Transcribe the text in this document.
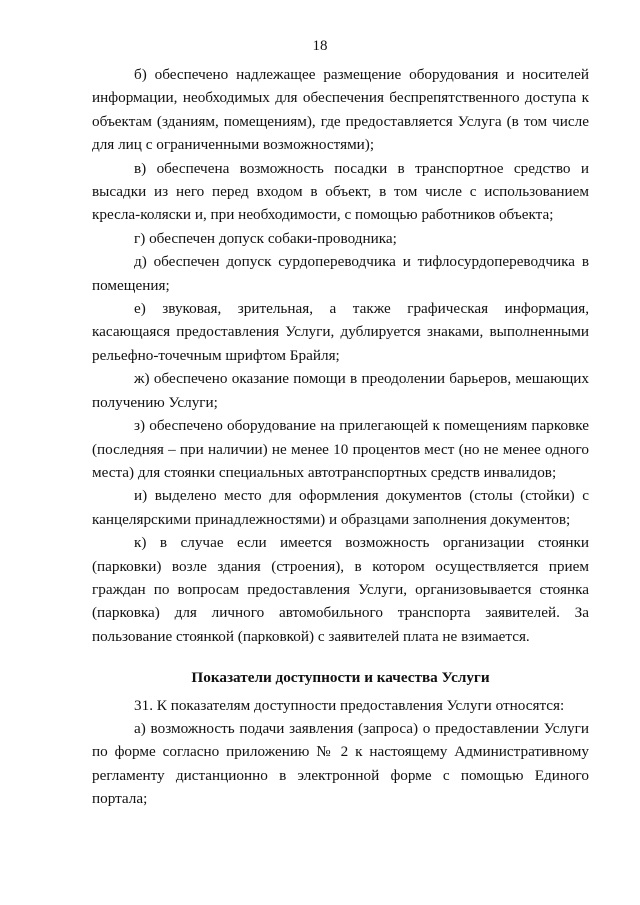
18

б) обеспечено надлежащее размещение оборудования и носителей информации, необходимых для обеспечения беспрепятственного доступа к объектам (зданиям, помещениям), где предоставляется Услуга (в том числе для лиц с ограниченными возможностями);

в) обеспечена возможность посадки в транспортное средство и высадки из него перед входом в объект, в том числе с использованием кресла-коляски и, при необходимости, с помощью работников объекта;

г) обеспечен допуск собаки-проводника;

д) обеспечен допуск сурдопереводчика и тифлосурдопереводчика в помещения;

е) звуковая, зрительная, а также графическая информация, касающаяся предоставления Услуги, дублируется знаками, выполненными рельефно-точечным шрифтом Брайля;

ж) обеспечено оказание помощи в преодолении барьеров, мешающих получению Услуги;

з) обеспечено оборудование на прилегающей к помещениям парковке (последняя – при наличии) не менее 10 процентов мест (но не менее одного места) для стоянки специальных автотранспортных средств инвалидов;

и) выделено место для оформления документов (столы (стойки) с канцелярскими принадлежностями) и образцами заполнения документов;

к) в случае если имеется возможность организации стоянки (парковки) возле здания (строения), в котором осуществляется прием граждан по вопросам предоставления Услуги, организовывается стоянка (парковка) для личного автомобильного транспорта заявителей. За пользование стоянкой (парковкой) с заявителей плата не взимается.

Показатели доступности и качества Услуги

31. К показателям доступности предоставления Услуги относятся:

а) возможность подачи заявления (запроса) о предоставлении Услуги по форме согласно приложению № 2 к настоящему Административному регламенту дистанционно в электронной форме с помощью Единого портала;
